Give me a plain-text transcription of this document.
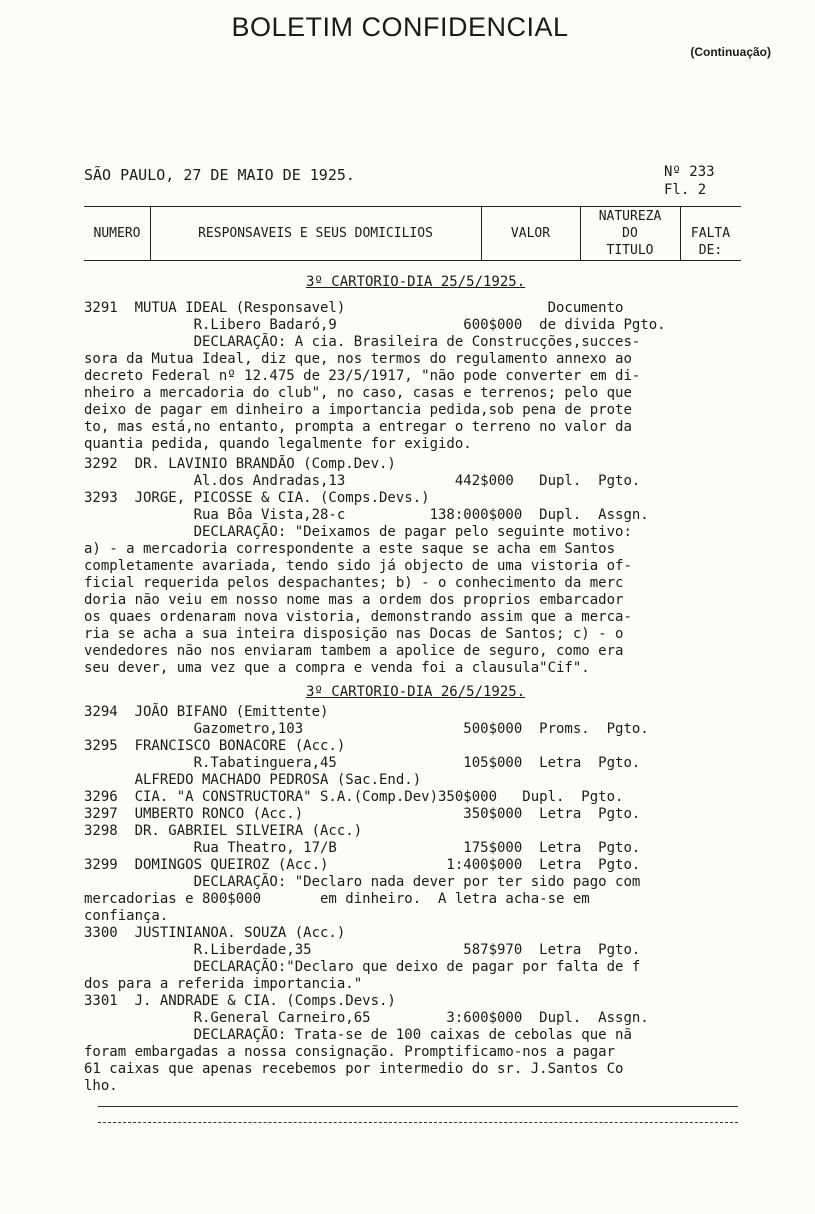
BOLETIM CONFIDENCIAL
(Continuação)
SÃO PAULO, 27 DE MAIO DE 1925.	Nº 233
Fl. 2
NUMERO	RESPONSAVEIS E SEUS DOMICILIOS	VALOR
NATUREZA
DO
TITULO
FALTA
DE:
3º CARTORIO-DIA 25/5/1925.
3291  MUTUA IDEAL (Responsavel)                        Documento
R.Libero Badaró,9               600$000  de divida Pgto.
DECLARAÇÃO: A cia. Brasileira de Construcções,succes-
sora da Mutua Ideal, diz que, nos termos do regulamento annexo ao
decreto Federal nº 12.475 de 23/5/1917, "não pode converter em di-
nheiro a mercadoria do club", no caso, casas e terrenos; pelo que
deixo de pagar em dinheiro a importancia pedida,sob pena de prote
to, mas está,no entanto, prompta a entregar o terreno no valor da
quantia pedida, quando legalmente for exigido.
3292  DR. LAVINIO BRANDÃO (Comp.Dev.)
Al.dos Andradas,13             442$000   Dupl.  Pgto.
3293  JORGE, PICOSSE & CIA. (Comps.Devs.)
Rua Bôa Vista,28-c          138:000$000  Dupl.  Assgn.
DECLARAÇÃO: "Deixamos de pagar pelo seguinte motivo:
a) - a mercadoria correspondente a este saque se acha em Santos
completamente avariada, tendo sido já objecto de uma vistoria of-
ficial requerida pelos despachantes; b) - o conhecimento da merc
doria não veiu em nosso nome mas a ordem dos proprios embarcador
os quaes ordenaram nova vistoria, demonstrando assim que a merca-
ria se acha a sua inteira disposição nas Docas de Santos; c) - o
vendedores não nos enviaram tambem a apolice de seguro, como era
seu dever, uma vez que a compra e venda foi a clausula"Cif".
3º CARTORIO-DIA 26/5/1925.
3294  JOÃO BIFANO (Emittente)
Gazometro,103                   500$000  Proms.  Pgto.
3295  FRANCISCO BONACORE (Acc.)
R.Tabatinguera,45               105$000  Letra  Pgto.
ALFREDO MACHADO PEDROSA (Sac.End.)
3296  CIA. "A CONSTRUCTORA" S.A.(Comp.Dev)350$000   Dupl.  Pgto.
3297  UMBERTO RONCO (Acc.)                   350$000  Letra  Pgto.
3298  DR. GABRIEL SILVEIRA (Acc.)
Rua Theatro, 17/B               175$000  Letra  Pgto.
3299  DOMINGOS QUEIROZ (Acc.)              1:400$000  Letra  Pgto.
DECLARAÇÃO: "Declaro nada dever por ter sido pago com
mercadorias e 800$000       em dinheiro.  A letra acha-se em
confiança.
3300  JUSTINIANOA. SOUZA (Acc.)
R.Liberdade,35                  587$970  Letra  Pgto.
DECLARAÇÃO:"Declaro que deixo de pagar por falta de f
dos para a referida importancia."
3301  J. ANDRADE & CIA. (Comps.Devs.)
R.General Carneiro,65         3:600$000  Dupl.  Assgn.
DECLARAÇÃO: Trata-se de 100 caixas de cebolas que nã
foram embargadas a nossa consignação. Promptificamo-nos a pagar
61 caixas que apenas recebemos por intermedio do sr. J.Santos Co
lho.
